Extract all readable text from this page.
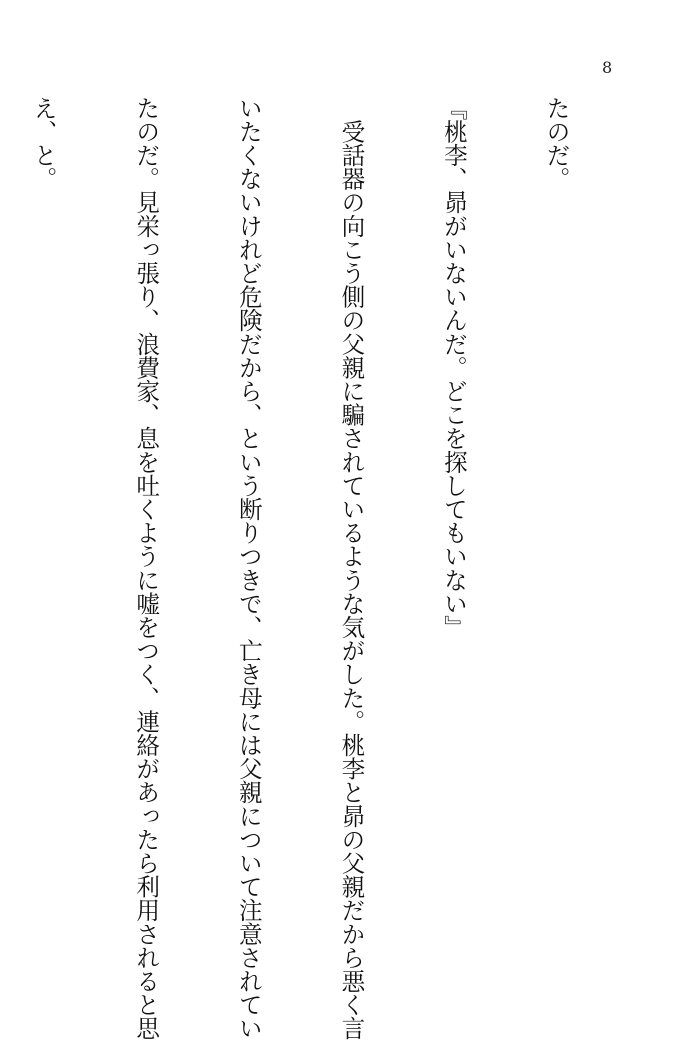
8

たのだ。

『桃李、昴がいないんだ。どこを探してもいない』

　受話器の向こう側の父親に騙されているような気がした。桃李と昴の父親だから悪く言

いたくないけれど危険だから、という断りつきで、亡き母には父親について注意されてい

たのだ。見栄っ張り、浪費家、息を吐くように嘘をつく、連絡があったら利用されると思

え、と。
